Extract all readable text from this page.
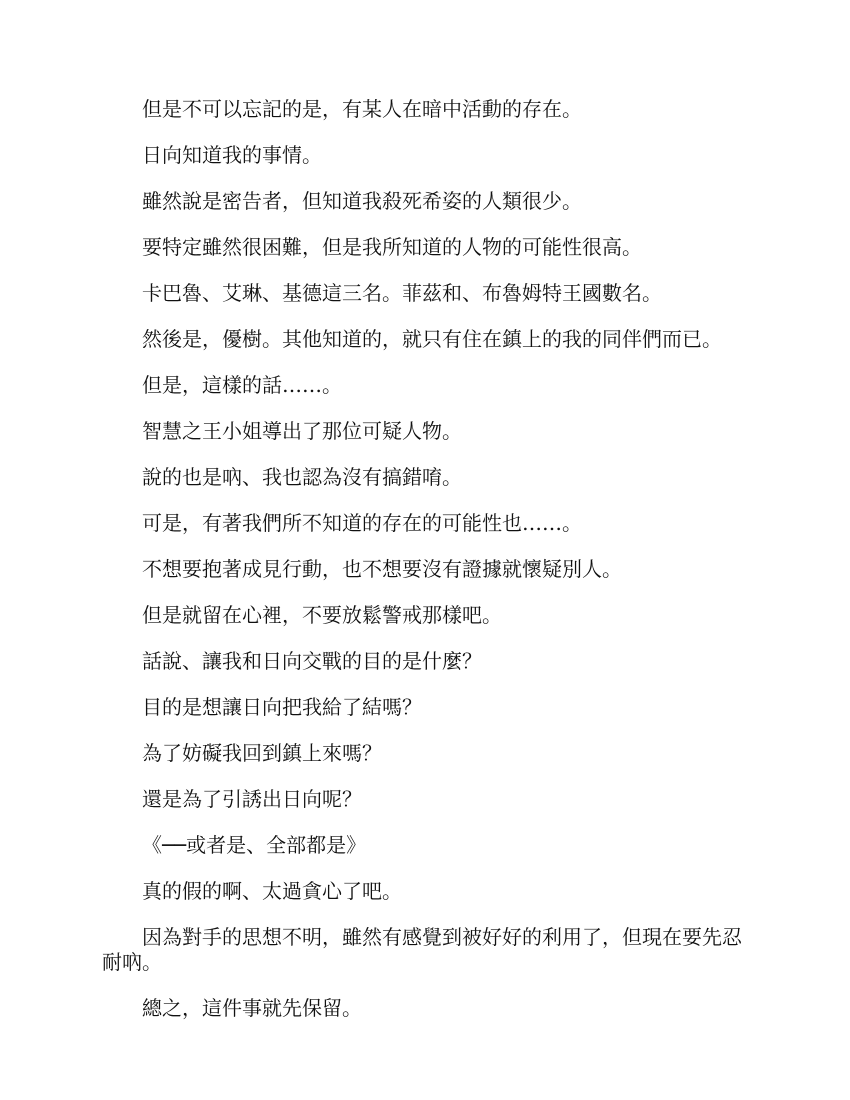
但是不可以忘記的是，有某人在暗中活動的存在。

日向知道我的事情。

雖然說是密告者，但知道我殺死希姿的人類很少。

要特定雖然很困難，但是我所知道的人物的可能性很高。

卡巴魯、艾琳、基德這三名。菲茲和、布魯姆特王國數名。

然後是，優樹。其他知道的，就只有住在鎮上的我的同伴們而已。

但是，這樣的話……。

智慧之王小姐導出了那位可疑人物。

說的也是吶、我也認為沒有搞錯唷。

可是，有著我們所不知道的存在的可能性也……。

不想要抱著成見行動，也不想要沒有證據就懷疑別人。

但是就留在心裡，不要放鬆警戒那樣吧。

話說、讓我和日向交戰的目的是什麼？

目的是想讓日向把我給了結嗎？

為了妨礙我回到鎮上來嗎？

還是為了引誘出日向呢？

《──或者是、全部都是》

真的假的啊、太過貪心了吧。

因為對手的思想不明，雖然有感覺到被好好的利用了，但現在要先忍耐吶。

總之，這件事就先保留。
